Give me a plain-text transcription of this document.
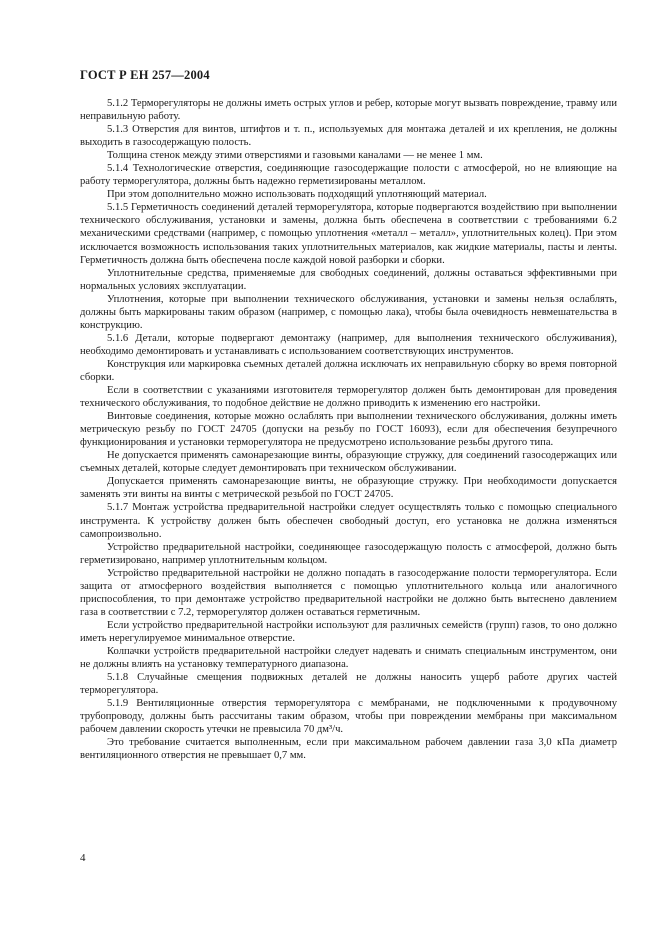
ГОСТ Р ЕН 257—2004

5.1.2 Терморегуляторы не должны иметь острых углов и ребер, которые могут вызвать повреждение, травму или неправильную работу.

5.1.3 Отверстия для винтов, штифтов и т. п., используемых для монтажа деталей и их крепления, не должны выходить в газосодержащую полость.

Толщина стенок между этими отверстиями и газовыми каналами — не менее 1 мм.

5.1.4 Технологические отверстия, соединяющие газосодержащие полости с атмосферой, но не влияющие на работу терморегулятора, должны быть надежно герметизированы металлом.

При этом дополнительно можно использовать подходящий уплотняющий материал.

5.1.5 Герметичность соединений деталей терморегулятора, которые подвергаются воздействию при выполнении технического обслуживания, установки и замены, должна быть обеспечена в соответствии с требованиями 6.2 механическими средствами (например, с помощью уплотнения «металл – металл», уплотнительных колец). При этом исключается возможность использования таких уплотнительных материалов, как жидкие материалы, пасты и ленты. Герметичность должна быть обеспечена после каждой новой разборки и сборки.

Уплотнительные средства, применяемые для свободных соединений, должны оставаться эффективными при нормальных условиях эксплуатации.

Уплотнения, которые при выполнении технического обслуживания, установки и замены нельзя ослаблять, должны быть маркированы таким образом (например, с помощью лака), чтобы была очевидность невмешательства в конструкцию.

5.1.6 Детали, которые подвергают демонтажу (например, для выполнения технического обслуживания), необходимо демонтировать и устанавливать с использованием соответствующих инструментов.

Конструкция или маркировка съемных деталей должна исключать их неправильную сборку во время повторной сборки.

Если в соответствии с указаниями изготовителя терморегулятор должен быть демонтирован для проведения технического обслуживания, то подобное действие не должно приводить к изменению его настройки.

Винтовые соединения, которые можно ослаблять при выполнении технического обслуживания, должны иметь метрическую резьбу по ГОСТ 24705 (допуски на резьбу по ГОСТ 16093), если для обеспечения безупречного функционирования и установки терморегулятора не предусмотрено использование резьбы другого типа.

Не допускается применять самонарезающие винты, образующие стружку, для соединений газосодержащих или съемных деталей, которые следует демонтировать при техническом обслуживании.

Допускается применять самонарезающие винты, не образующие стружку. При необходимости допускается заменять эти винты на винты с метрической резьбой по ГОСТ 24705.

5.1.7 Монтаж устройства предварительной настройки следует осуществлять только с помощью специального инструмента. К устройству должен быть обеспечен свободный доступ, его установка не должна изменяться самопроизвольно.

Устройство предварительной настройки, соединяющее газосодержащую полость с атмосферой, должно быть герметизировано, например уплотнительным кольцом.

Устройство предварительной настройки не должно попадать в газосодержание полости терморегулятора. Если защита от атмосферного воздействия выполняется с помощью уплотнительного кольца или аналогичного приспособления, то при демонтаже устройство предварительной настройки не должно быть вытеснено давлением газа в соответствии с 7.2, терморегулятор должен оставаться герметичным.

Если устройство предварительной настройки используют для различных семейств (групп) газов, то оно должно иметь нерегулируемое минимальное отверстие.

Колпачки устройств предварительной настройки следует надевать и снимать специальным инструментом, они не должны влиять на установку температурного диапазона.

5.1.8 Случайные смещения подвижных деталей не должны наносить ущерб работе других частей терморегулятора.

5.1.9 Вентиляционные отверстия терморегулятора с мембранами, не подключенными к продувочному трубопроводу, должны быть рассчитаны таким образом, чтобы при повреждении мембраны при максимальном рабочем давлении скорость утечки не превысила 70 дм³/ч.

Это требование считается выполненным, если при максимальном рабочем давлении газа 3,0 кПа диаметр вентиляционного отверстия не превышает 0,7 мм.

4
